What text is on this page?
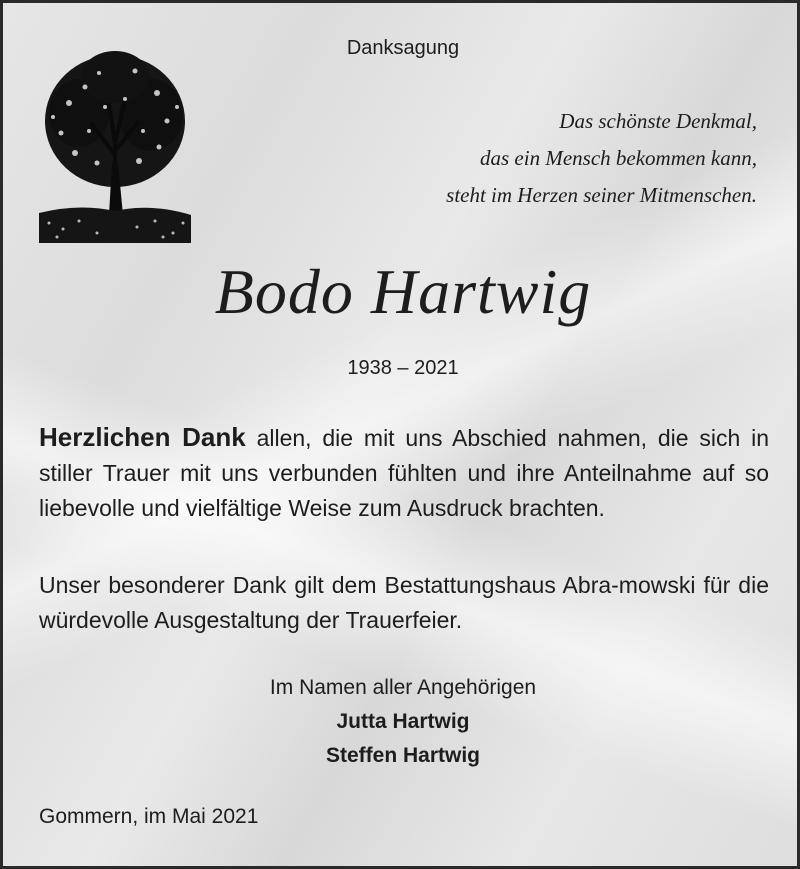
Danksagung
Das schönste Denkmal,
das ein Mensch bekommen kann,
steht im Herzen seiner Mitmenschen.
Bodo Hartwig
1938 – 2021
Herzlichen Dank allen, die mit uns Abschied nahmen, die sich in stiller Trauer mit uns verbunden fühlten und ihre Anteilnahme auf so liebevolle und vielfältige Weise zum Ausdruck brachten.
Unser besonderer Dank gilt dem Bestattungshaus Abra-mowski für die würdevolle Ausgestaltung der Trauerfeier.
Im Namen aller Angehörigen
Jutta Hartwig
Steffen Hartwig
Gommern, im Mai 2021
